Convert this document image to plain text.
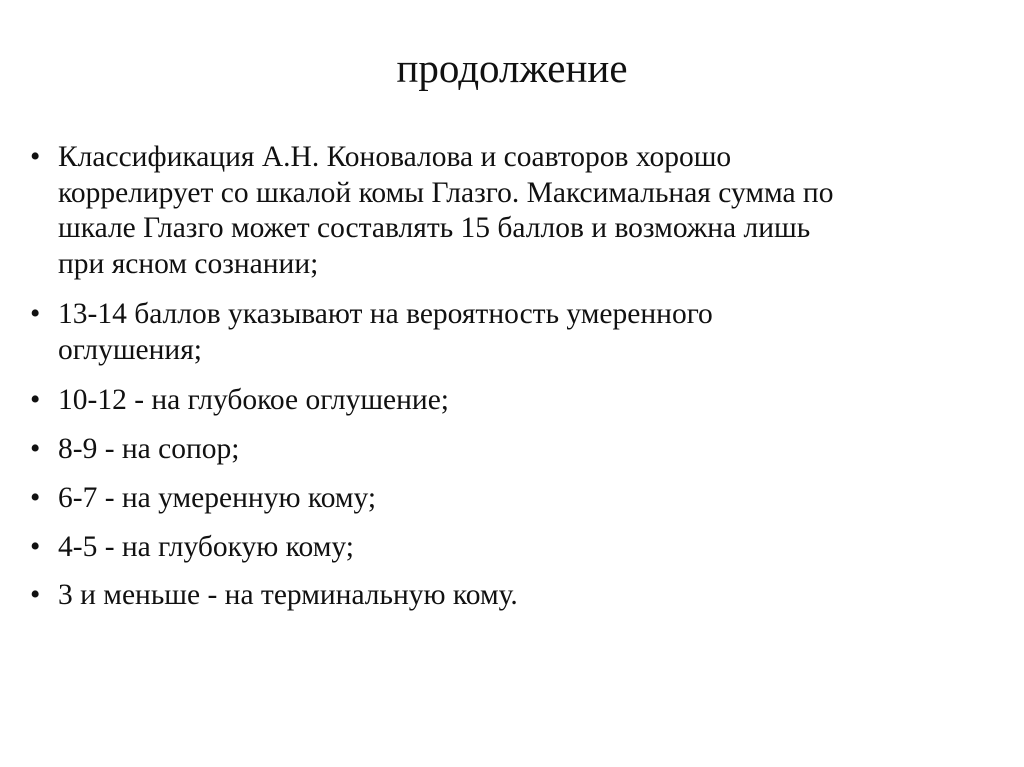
продолжение
• Классификация А.Н. Коновалова и соавторов хорошо
коррелирует со шкалой комы Глазго. Максимальная сумма по
шкале Глазго может составлять 15 баллов и возможна лишь
при ясном сознании;
• 13-14 баллов указывают на вероятность умеренного
оглушения;
• 10-12 - на глубокое оглушение;
• 8-9 - на сопор;
• 6-7 - на умеренную кому;
• 4-5 - на глубокую кому;
• 3 и меньше - на терминальную кому.
